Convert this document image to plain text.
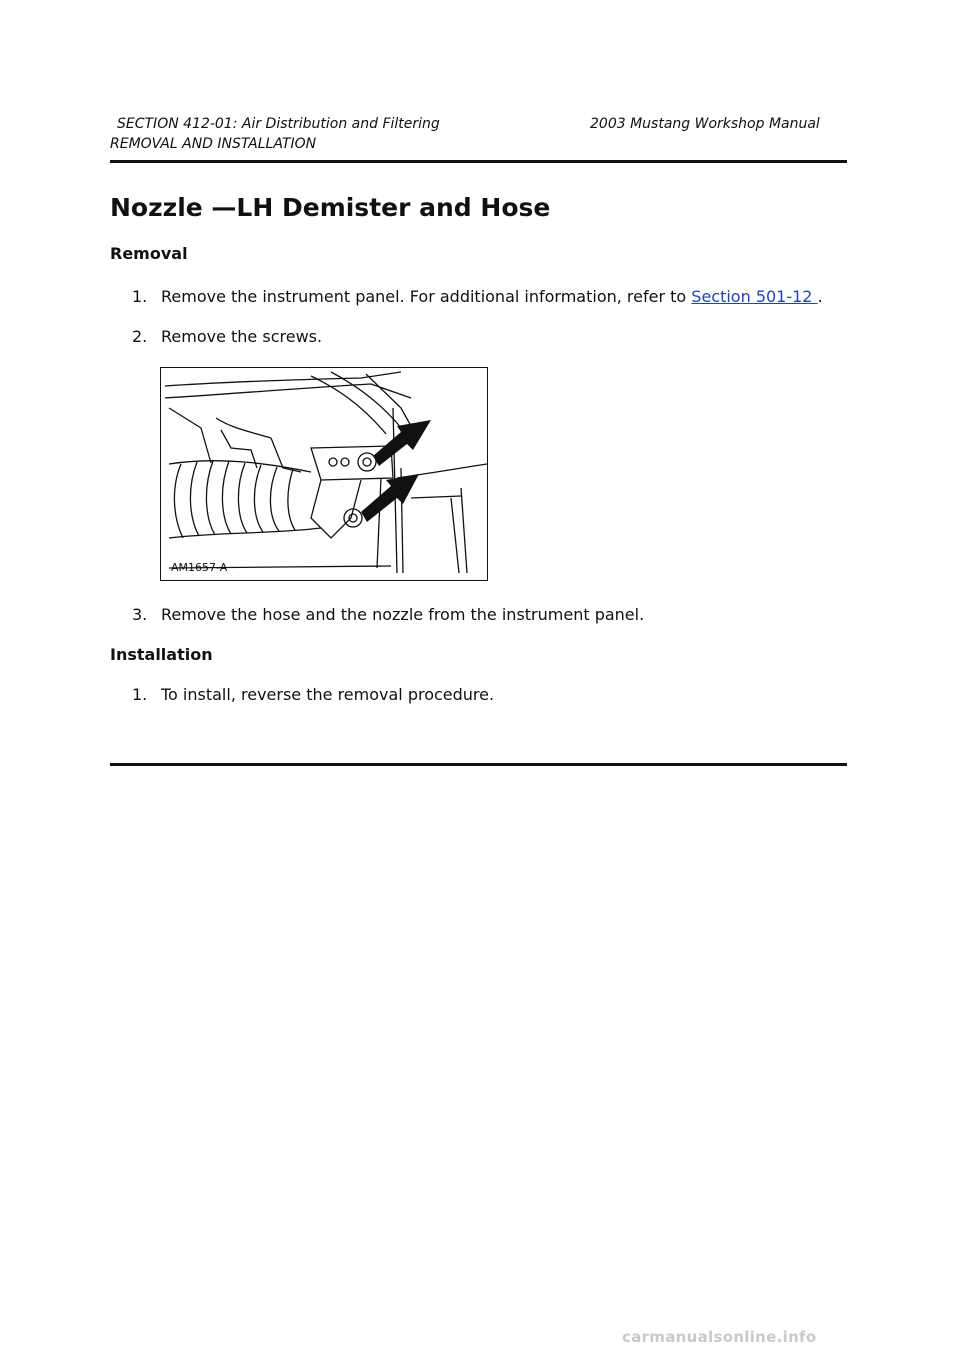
SECTION 412-01: Air Distribution and Filtering	2003 Mustang Workshop Manual
REMOVAL AND INSTALLATION
Nozzle —LH Demister and Hose
Removal
1. Remove the instrument panel. For additional information, refer to Section 501-12 .
2. Remove the screws.
AM1657-A
3. Remove the hose and the nozzle from the instrument panel.
Installation
1. To install, reverse the removal procedure.
carmanualsonline.info
